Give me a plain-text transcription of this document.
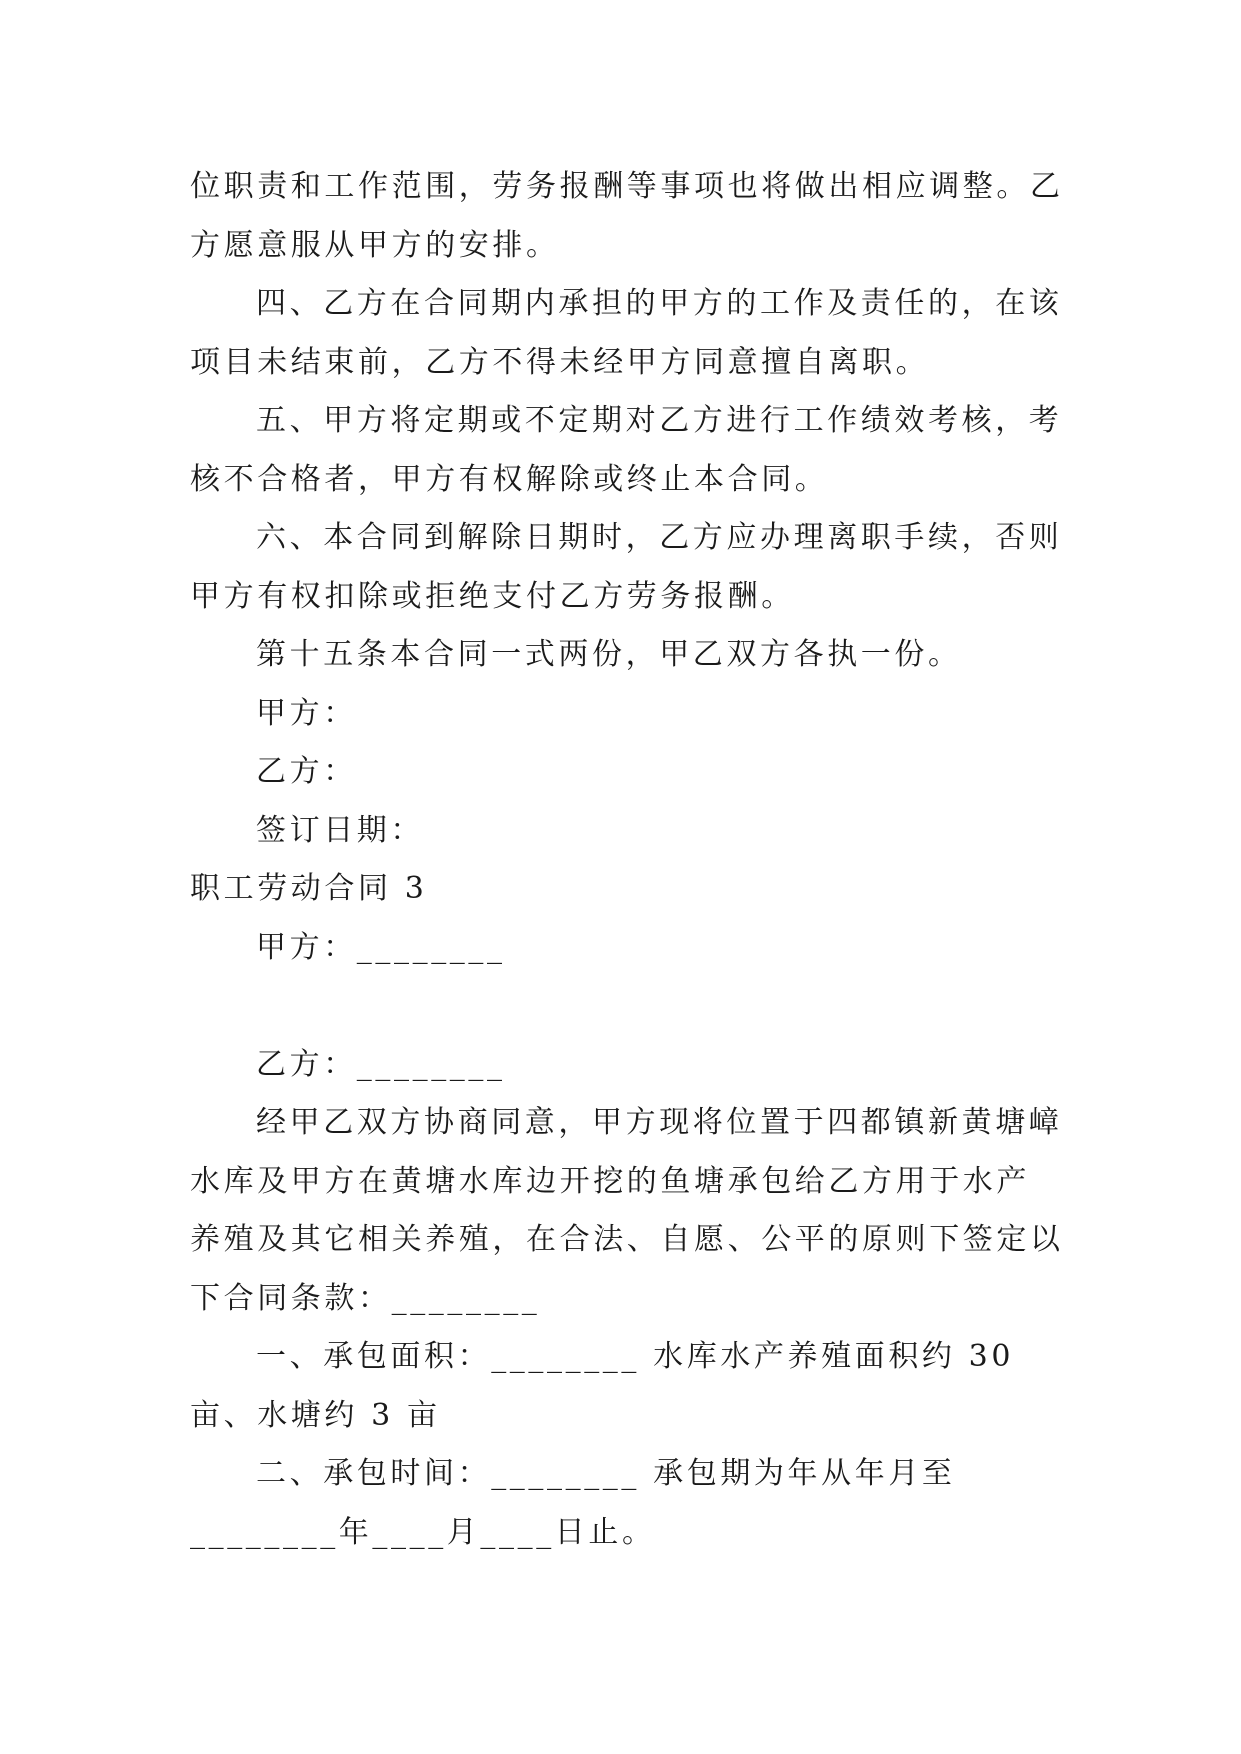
位职责和工作范围，劳务报酬等事项也将做出相应调整。乙
方愿意服从甲方的安排。
四、乙方在合同期内承担的甲方的工作及责任的，在该
项目未结束前，乙方不得未经甲方同意擅自离职。
五、甲方将定期或不定期对乙方进行工作绩效考核，考
核不合格者，甲方有权解除或终止本合同。
六、本合同到解除日期时，乙方应办理离职手续，否则
甲方有权扣除或拒绝支付乙方劳务报酬。
第十五条本合同一式两份，甲乙双方各执一份。
甲方：
乙方：
签订日期：
职工劳动合同 3
甲方：________
乙方：________
经甲乙双方协商同意，甲方现将位置于四都镇新黄塘嶂
水库及甲方在黄塘水库边开挖的鱼塘承包给乙方用于水产
养殖及其它相关养殖，在合法、自愿、公平的原则下签定以
下合同条款：________
一、承包面积：________ 水库水产养殖面积约 30
亩、水塘约 3 亩
二、承包时间：________ 承包期为年从年月至
________年____月____日止。
